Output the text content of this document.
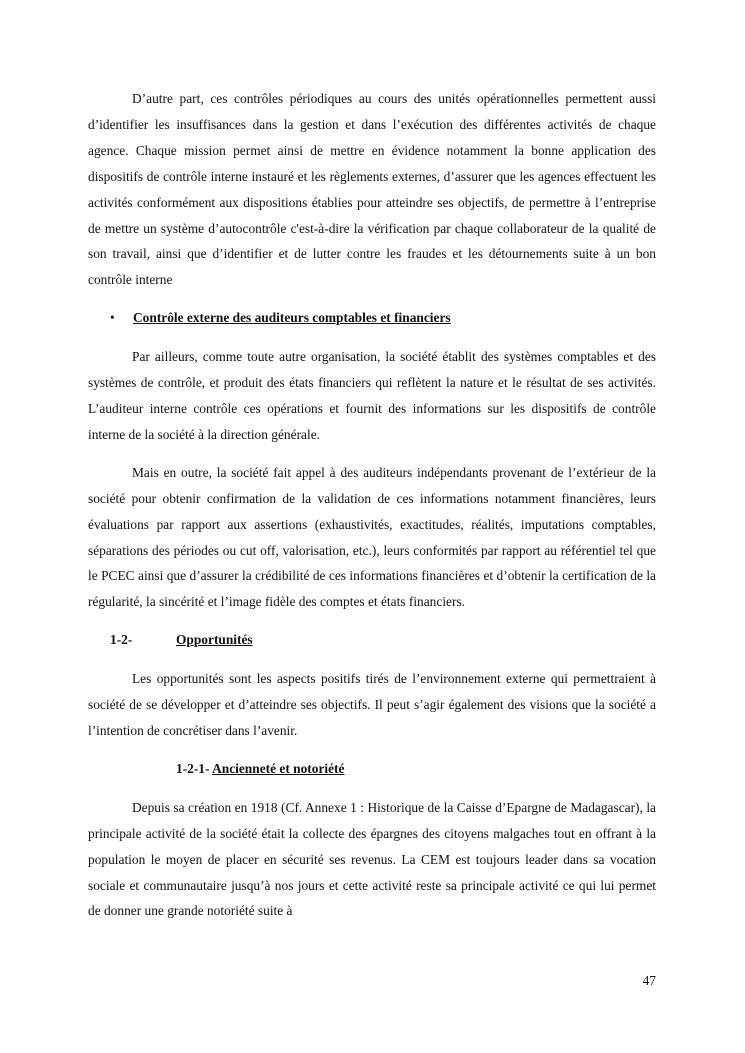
D’autre part, ces contrôles périodiques au cours des unités opérationnelles permettent aussi d’identifier les insuffisances dans la gestion et dans l’exécution des différentes activités de chaque agence. Chaque mission permet ainsi de mettre en évidence notamment la bonne application des dispositifs de contrôle interne instauré et les règlements externes, d’assurer que les agences effectuent les activités conformément aux dispositions établies pour atteindre ses objectifs, de permettre à l’entreprise de mettre un système d’autocontrôle c'est-à-dire la vérification par chaque collaborateur de la qualité de son travail, ainsi que d’identifier et de lutter contre les fraudes et les détournements suite à un bon contrôle interne

• Contrôle externe des auditeurs comptables et financiers

Par ailleurs, comme toute autre organisation, la société établit des systèmes comptables et des systèmes de contrôle, et produit des états financiers qui reflètent la nature et le résultat de ses activités. L’auditeur interne contrôle ces opérations et fournit des informations sur les dispositifs de contrôle interne de la société à la direction générale.

Mais en outre, la société fait appel à des auditeurs indépendants provenant de l’extérieur de la société pour obtenir confirmation de la validation de ces informations notamment financières, leurs évaluations par rapport aux assertions (exhaustivités, exactitudes, réalités, imputations comptables, séparations des périodes ou cut off, valorisation, etc.), leurs conformités par rapport au référentiel tel que le PCEC ainsi que d’assurer la crédibilité de ces informations financières et d’obtenir la certification de la régularité, la sincérité et l’image fidèle des comptes et états financiers.

1-2-	Opportunités

Les opportunités sont les aspects positifs tirés de l’environnement externe qui permettraient à société de se développer et d’atteindre ses objectifs. Il peut s’agir également des visions que la société a l’intention de concrétiser dans l’avenir.

1-2-1- Ancienneté et notoriété

Depuis sa création en 1918 (Cf. Annexe 1 : Historique de la Caisse d’Epargne de Madagascar), la principale activité de la société était la collecte des épargnes des citoyens malgaches tout en offrant à la population le moyen de placer en sécurité ses revenus. La CEM est toujours leader dans sa vocation sociale et communautaire jusqu’à nos jours et cette activité reste sa principale activité ce qui lui permet de donner une grande notoriété suite à

47
